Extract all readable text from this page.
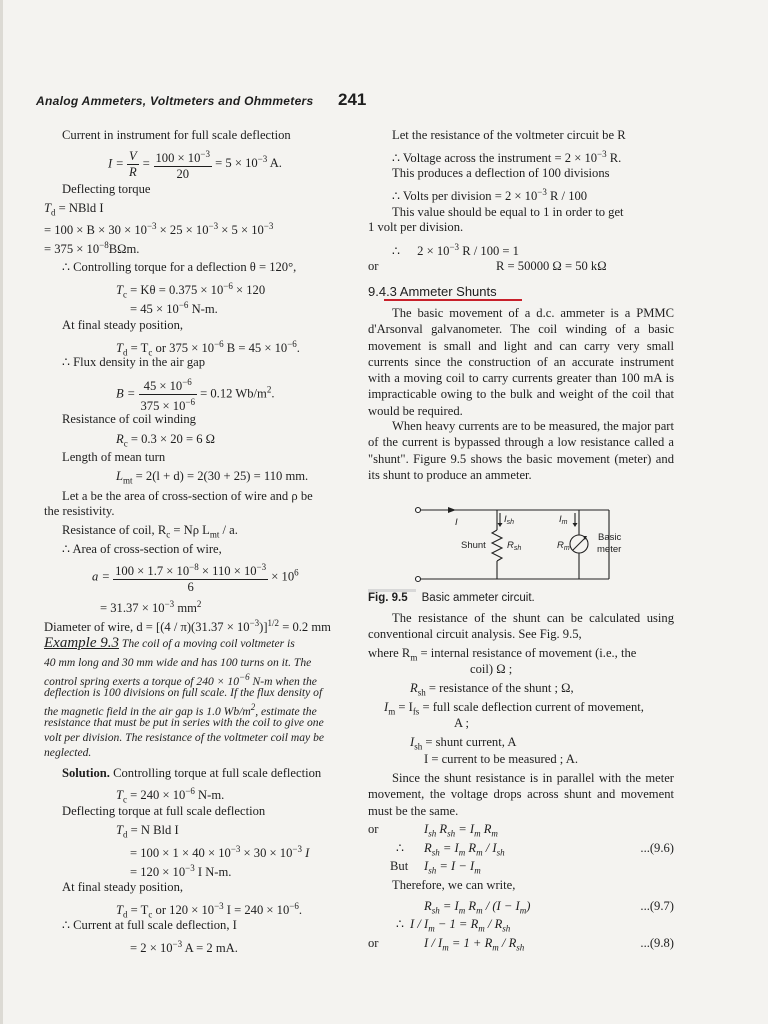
Analog Ammeters, Voltmeters and Ohmmeters 241
Current in instrument for full scale deflection
$I = \frac{V}{R} = \frac{100 \times 10^{-3}}{20} = 5 \times 10^{-3}$ A.
Deflecting torque
$T_d$ = NBld I
= $100 \times B \times 30 \times 10^{-3} \times 25 \times 10^{-3} \times 5 \times 10^{-3}$
= $375 \times 10^{-8}B\Omega m$.
∴ Controlling torque for a deflection θ = 120°,
$T_c = K\theta = 0.375 \times 10^{-6} \times 120$
= $45 \times 10^{-6}$ N-m.
At final steady position,
$T_d = T_c$ or $375 \times 10^{-6}$ $B = 45 \times 10^{-6}$.
∴ Flux density in the air gap
$B = \frac{45 \times 10^{-6}}{375 \times 10^{-6}} = 0.12$ $Wb/m^2$.
Resistance of coil winding
$R_c = 0.3 \times 20 = 6$ Ω
Length of mean turn
$L_{mt} = 2(l + d) = 2(30 + 25) = 110$ mm.
Let a be the area of cross-section of wire and ρ be
the resistivity.
Resistance of coil, $R_c = N\rho$ $L_{mt}$ / a.
∴ Area of cross-section of wire,
$a = \frac{100 \times 1.7 \times 10^{-8} \times 110 \times 10^{-3}}{6} \times 10^6$
= $31.37 \times 10^{-3}$ $mm^2$
Diameter of wire, $d = [(4 / \pi)(31.37 \times 10^{-3})]^{1/2} = 0.2$ mm
Example 9.3 The coil of a moving coil voltmeter is
40 mm long and 30 mm wide and has 100 turns on it. The
control spring exerts a torque of $240 \times 10^{-6}$ N-m when the
deflection is 100 divisions on full scale. If the flux density of
the magnetic field in the air gap is 1.0 $Wb/m^2$, estimate the
resistance that must be put in series with the coil to give one
volt per division. The resistance of the voltmeter coil may be
neglected.
Solution. Controlling torque at full scale deflection
$T_c = 240 \times 10^{-6}$ N-m.
Deflecting torque at full scale deflection
$T_d = N$ Bld I
= $100 \times 1 \times 40 \times 10^{-3} \times 30 \times 10^{-3}$ I
= $120 \times 10^{-3}$ I N-m.
At final steady position,
$T_d = T_c$ or $120 \times 10^{-3}$ $I = 240 \times 10^{-6}$.
∴ Current at full scale deflection, I
= $2 \times 10^{-3}$ A = 2 mA.
Let the resistance of the voltmeter circuit be R
∴ Voltage across the instrument = $2 \times 10^{-3}$ R.
This produces a deflection of 100 divisions
∴ Volts per division = $2 \times 10^{-3}$ R / 100
This value should be equal to 1 in order to get
1 volt per division.
∴ $2 \times 10^{-3}$ R / 100 = 1
or	R = 50000 Ω = 50 kΩ
9.4.3 Ammeter Shunts
The basic movement of a d.c. ammeter is a PMMC d'Arsonval galvanometer. The coil winding of a basic movement is small and light and can carry very small currents since the construction of an accurate instrument with a moving coil to carry currents greater than 100 mA is impracticable owing to the bulk and weight of the coil that would be required.
When heavy currents are to be measured, the major part of the current is bypassed through a low resistance called a "shunt". Figure 9.5 shows the basic movement (meter) and its shunt to produce an ammeter.
I	$I_{sh}$	$I_m$
Shunt $R_{sh}$	$R_m$
Basic
meter
Fig. 9.5 Basic ammeter circuit.
The resistance of the shunt can be calculated using conventional circuit analysis. See Fig. 9.5,
where $R_m$ = internal resistance of movement (i.e., the
coil) Ω ;
$R_{sh}$ = resistance of the shunt ; Ω,
$I_m = I_{fs}$ = full scale deflection current of movement,
A ;
$I_{sh}$ = shunt current, A
I = current to be measured ; A.
Since the shunt resistance is in parallel with the meter movement, the voltage drops across shunt and movement must be the same.
or	$I_{sh}$ $R_{sh} = I_m$ $R_m$
∴ $R_{sh} = I_m$ $R_m / I_{sh}$	...(9.6)
But $I_{sh} = I - I_m$
Therefore, we can write,
$R_{sh} = I_m$ $R_m / (I - I_m)$	...(9.7)
∴ $I / I_m - 1 = R_m / R_{sh}$
or	$I / I_m = 1 + R_m / R_{sh}$	...(9.8)
